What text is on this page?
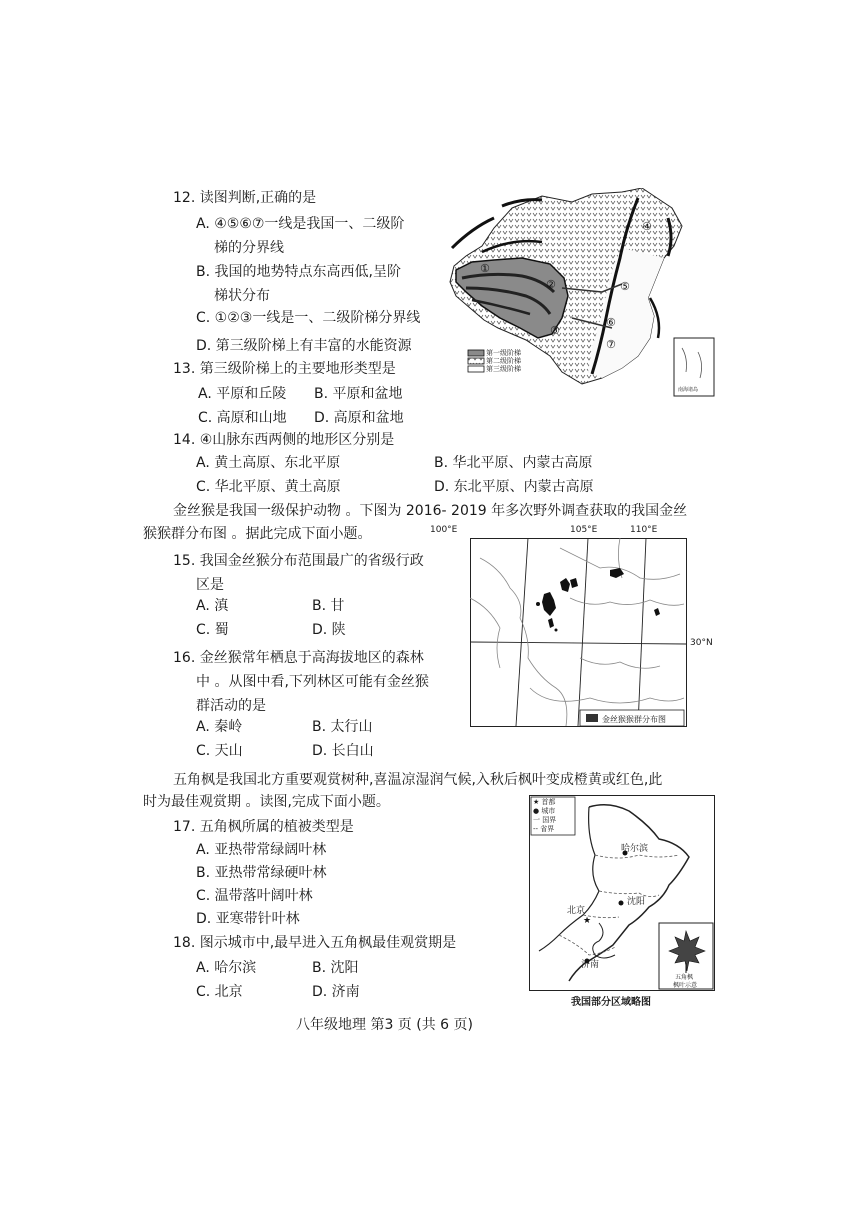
12. 读图判断,正确的是
A. ④⑤⑥⑦一线是我国一、二级阶
梯的分界线
B. 我国的地势特点东高西低,呈阶
梯状分布
C. ①②③一线是一、二级阶梯分界线
D. 第三级阶梯上有丰富的水能资源
13. 第三级阶梯上的主要地形类型是
A. 平原和丘陵 B. 平原和盆地
C. 高原和山地 D. 高原和盆地
14. ④山脉东西两侧的地形区分别是
A. 黄土高原、东北平原	B. 华北平原、内蒙古高原
C. 华北平原、黄土高原	D. 东北平原、内蒙古高原
金丝猴是我国一级保护动物 。下图为 2016- 2019 年多次野外调查获取的我国金丝
猴猴群分布图 。据此完成下面小题。
15. 我国金丝猴分布范围最广的省级行政
区是
A. 滇	B. 甘
C. 蜀	D. 陕
16. 金丝猴常年栖息于高海拔地区的森林
中 。从图中看,下列林区可能有金丝猴
群活动的是
A. 秦岭	B. 太行山
C. 天山	D. 长白山
五角枫是我国北方重要观赏树种,喜温凉湿润气候,入秋后枫叶变成橙黄或红色,此
时为最佳观赏期 。读图,完成下面小题。
17. 五角枫所属的植被类型是
A. 亚热带常绿阔叶林
B. 亚热带常绿硬叶林
C. 温带落叶阔叶林
D. 亚寒带针叶林
18. 图示城市中,最早进入五角枫最佳观赏期是
A. 哈尔滨	B. 沈阳
C. 北京	D. 济南
①
②
③
④
⑤
⑥
⑦
第一级阶梯
第二级阶梯
第三级阶梯
南海诸岛
100°E	105°E	110°E
30°N
金丝猴猴群分布图
★
★ 首都
● 城市
一 国界
-- 省界
哈尔滨
沈阳
北京
济南
五角枫
枫叶示意
我国部分区域略图
八年级地理 第3 页 (共 6 页)
